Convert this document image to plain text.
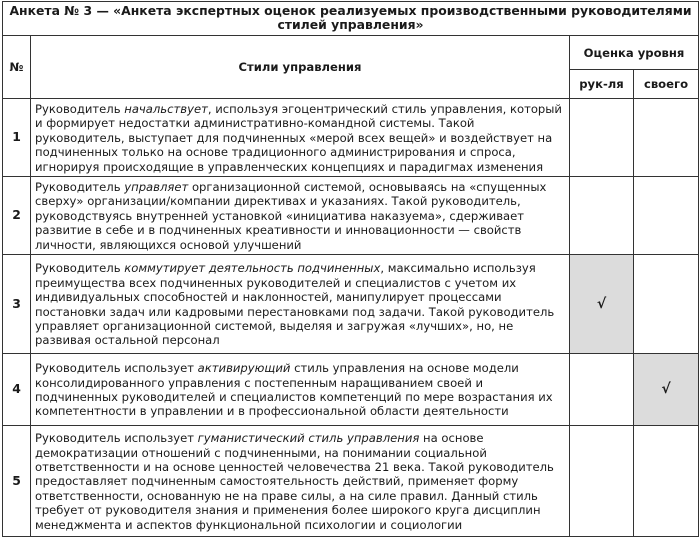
Анкета № 3 — «Анкета экспертных оценок реализуемых производственными руководителями стилей управления»			
№	Стили управления	Оценка уровня	
		рук-ля	своего
1	Руководитель начальствует, используя эгоцентрический стиль управления, который и формирует недостатки административно-командной системы. Такой руководитель, выступает для подчиненных «мерой всех вещей» и воздействует на подчиненных только на основе традиционного администрирования и спроса, игнорируя происходящие в управленческих концепциях и парадигмах изменения		
2	Руководитель управляет организационной системой, основываясь на «спущенных сверху» организации/компании директивах и указаниях. Такой руководитель, руководствуясь внутренней установкой «инициатива наказуема», сдерживает развитие в себе и в подчиненных креативности и инновационности — свойств личности, являющихся основой улучшений		
3	Руководитель коммутирует деятельность подчиненных, максимально используя преимущества всех подчиненных руководителей и специалистов с учетом их индивидуальных способностей и наклонностей, манипулирует процессами постановки задач или кадровыми перестановками под задачи. Такой руководитель управляет организационной системой, выделяя и загружая «лучших», но, не развивая остальной персонал	√	
4	Руководитель использует активирующий стиль управления на основе модели консолидированного управления с постепенным наращиванием своей и подчиненных руководителей и специалистов компетенций по мере возрастания их компетентности в управлении и в профессиональной области деятельности		√
5	Руководитель использует гуманистический стиль управления на основе демократизации отношений с подчиненными, на понимании социальной ответственности и на основе ценностей человечества 21 века. Такой руководитель предоставляет подчиненным самостоятельность действий, применяет форму ответственности, основанную не на праве силы, а на силе правил. Данный стиль требует от руководителя знания и применения более широкого круга дисциплин менеджмента и аспектов функциональной психологии и социологии		
